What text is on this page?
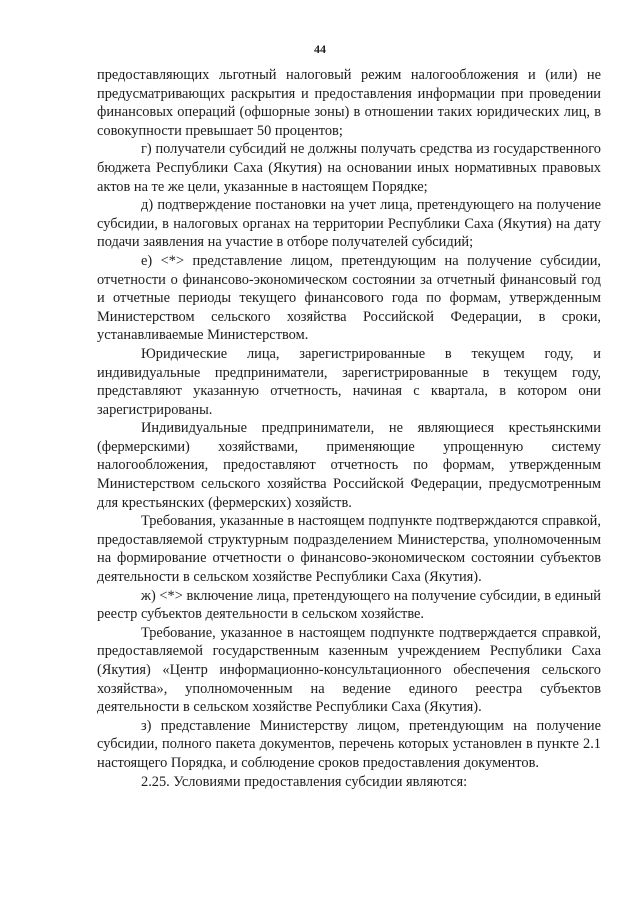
44

предоставляющих льготный налоговый режим налогообложения и (или) не предусматривающих раскрытия и предоставления информации при проведении финансовых операций (офшорные зоны) в отношении таких юридических лиц, в совокупности превышает 50 процентов;

г) получатели субсидий не должны получать средства из государственного бюджета Республики Саха (Якутия) на основании иных нормативных правовых актов на те же цели, указанные в настоящем Порядке;

д) подтверждение постановки на учет лица, претендующего на получение субсидии, в налоговых органах на территории Республики Саха (Якутия) на дату подачи заявления на участие в отборе получателей субсидий;

е) <*> представление лицом, претендующим на получение субсидии, отчетности о финансово-экономическом состоянии за отчетный финансовый год и отчетные периоды текущего финансового года по формам, утвержденным Министерством сельского хозяйства Российской Федерации, в сроки, устанавливаемые Министерством.

Юридические лица, зарегистрированные в текущем году, и индивидуальные предприниматели, зарегистрированные в текущем году, представляют указанную отчетность, начиная с квартала, в котором они зарегистрированы.

Индивидуальные предприниматели, не являющиеся крестьянскими (фермерскими) хозяйствами, применяющие упрощенную систему налогообложения, предоставляют отчетность по формам, утвержденным Министерством сельского хозяйства Российской Федерации, предусмотренным для крестьянских (фермерских) хозяйств.

Требования, указанные в настоящем подпункте подтверждаются справкой, предоставляемой структурным подразделением Министерства, уполномоченным на формирование отчетности о финансово-экономическом состоянии субъектов деятельности в сельском хозяйстве Республики Саха (Якутия).

ж) <*> включение лица, претендующего на получение субсидии, в единый реестр субъектов деятельности в сельском хозяйстве.

Требование, указанное в настоящем подпункте подтверждается справкой, предоставляемой государственным казенным учреждением Республики Саха (Якутия) «Центр информационно-консультационного обеспечения сельского хозяйства», уполномоченным на ведение единого реестра субъектов деятельности в сельском хозяйстве Республики Саха (Якутия).

з) представление Министерству лицом, претендующим на получение субсидии, полного пакета документов, перечень которых установлен в пункте 2.1 настоящего Порядка, и соблюдение сроков предоставления документов.

2.25. Условиями предоставления субсидии являются:
